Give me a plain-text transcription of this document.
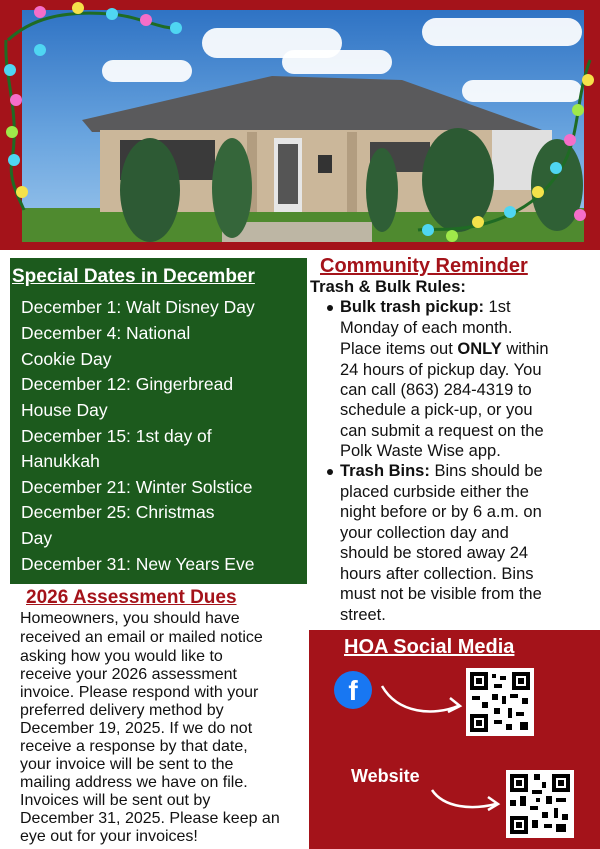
Special Dates in December
December 1: Walt Disney Day
December 4: National
Cookie Day
December 12: Gingerbread
House Day
December 15: 1st day of
Hanukkah
December 21: Winter Solstice
December 25: Christmas
Day
December 31: New Years Eve
Community Reminder
Trash & Bulk Rules:
Bulk trash pickup: 1st
Monday of each month.
Place items out ONLY within
24 hours of pickup day. You
can call (863) 284-4319 to
schedule a pick-up, or you
can submit a request on the
Polk Waste Wise app.
Trash Bins: Bins should be
placed curbside either the
night before or by 6 a.m. on
your collection day and
should be stored away 24
hours after collection. Bins
must not be visible from the
street.
2026 Assessment Dues
Homeowners, you should have
received an email or mailed notice
asking how you would like to
receive your 2026 assessment
invoice. Please respond with your
preferred delivery method by
December 19, 2025. If we do not
receive a response by that date,
your invoice will be sent to the
mailing address we have on file.
Invoices will be sent out by
December 31, 2025. Please keep an
eye out for your invoices!
HOA Social Media
f
Website
